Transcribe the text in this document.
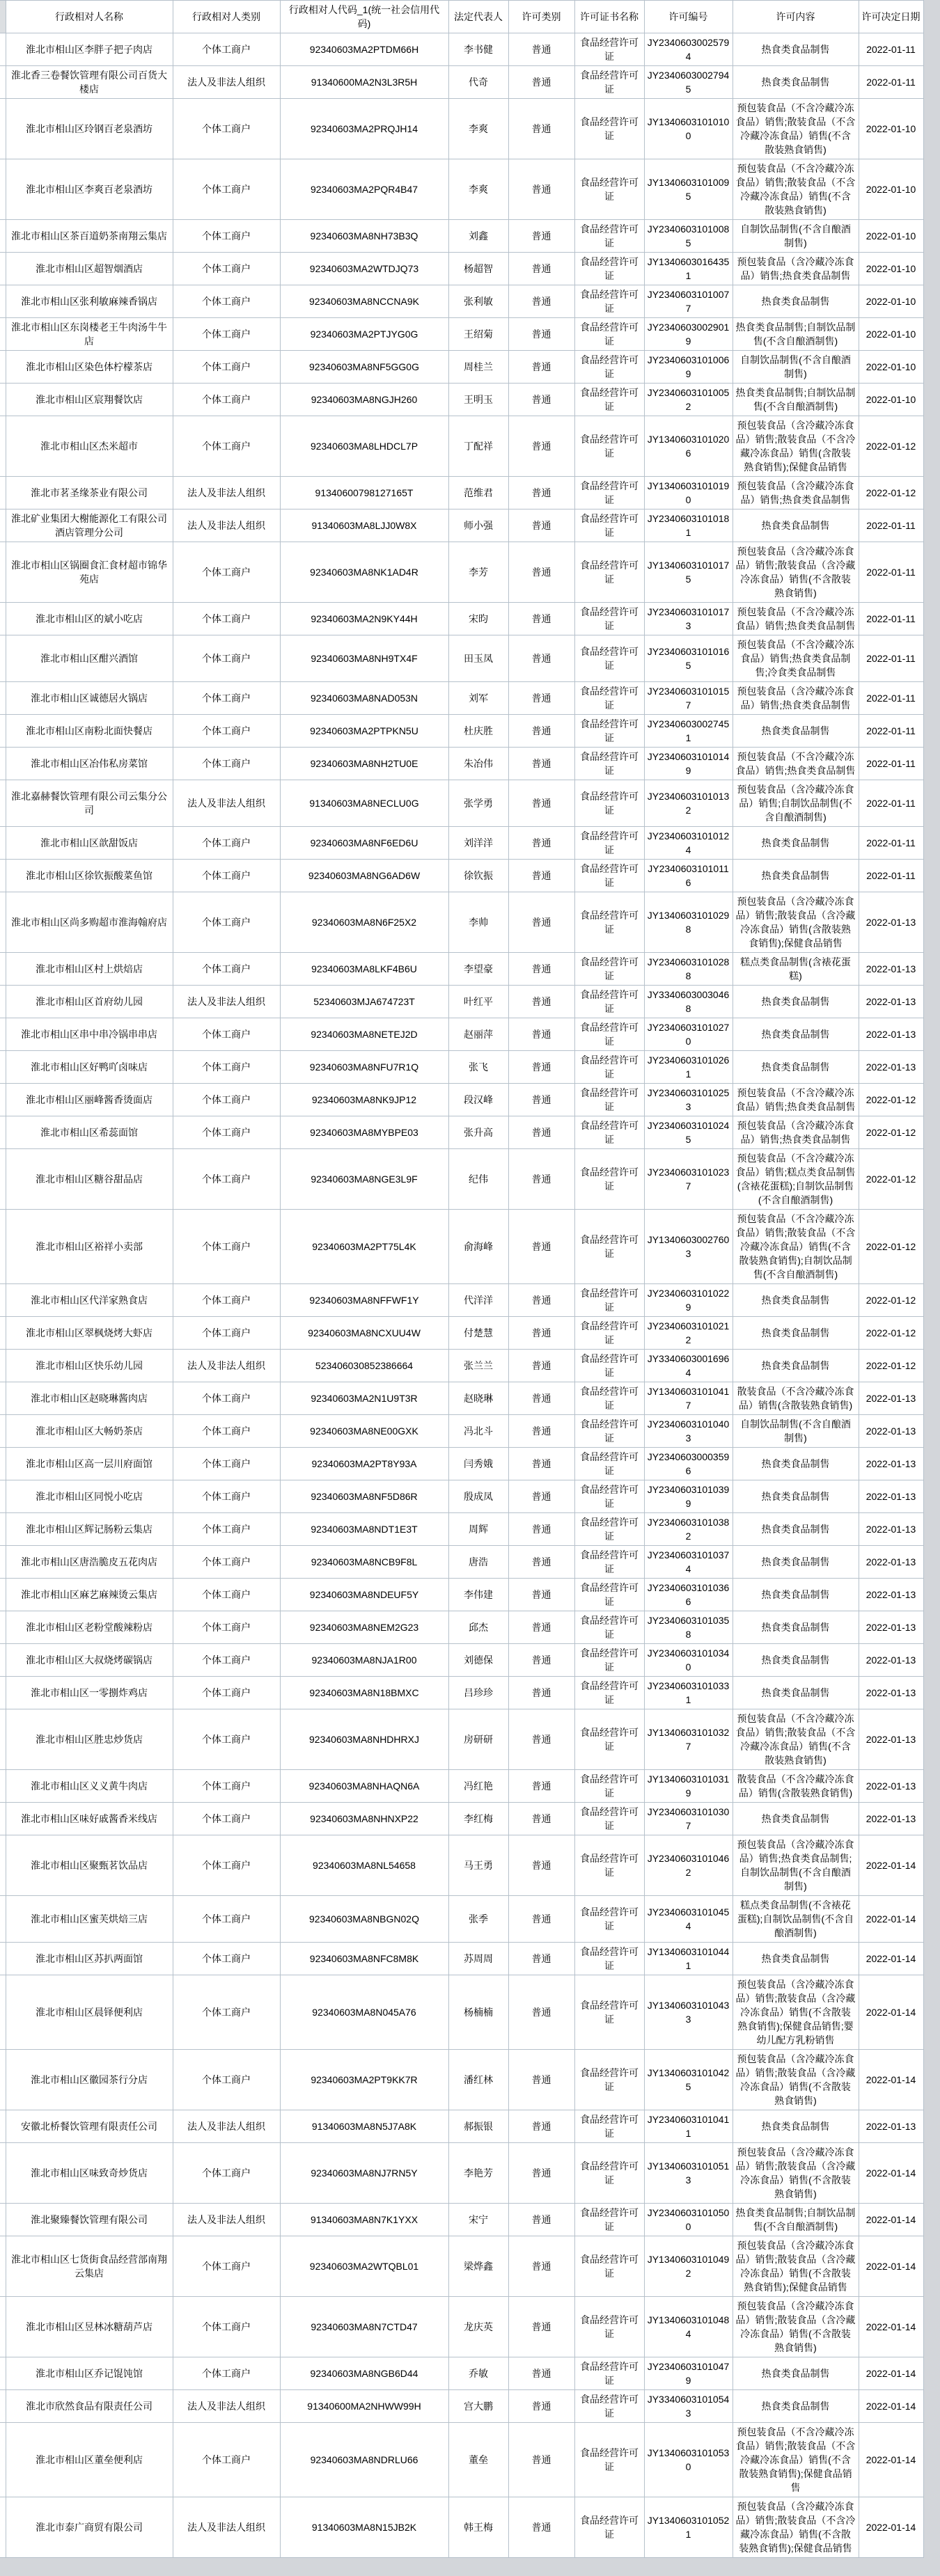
	行政相对人名称	行政相对人类别	行政相对人代码_1(统一社会信用代码)	法定代表人	许可类别	许可证书名称	许可编号	许可内容	许可决定日期
	淮北市相山区李胖子把子肉店	个体工商户	92340603MA2PTDM66H	李书健	普通	食品经营许可证	JY23406030025794	热食类食品制售	2022-01-11
	淮北香三卷餐饮管理有限公司百货大楼店	法人及非法人组织	91340600MA2N3L3R5H	代奇	普通	食品经营许可证	JY23406030027945	热食类食品制售	2022-01-11
	淮北市相山区玲钢百老泉酒坊	个体工商户	92340603MA2PRQJH14	李爽	普通	食品经营许可证	JY13406031010100	预包装食品（不含冷藏冷冻食品）销售;散装食品（不含冷藏冷冻食品）销售(不含散装熟食销售)	2022-01-10
	淮北市相山区李爽百老泉酒坊	个体工商户	92340603MA2PQR4B47	李爽	普通	食品经营许可证	JY13406031010095	预包装食品（不含冷藏冷冻食品）销售;散装食品（不含冷藏冷冻食品）销售(不含散装熟食销售)	2022-01-10
	淮北市相山区茶百道奶茶南翔云集店	个体工商户	92340603MA8NH73B3Q	刘鑫	普通	食品经营许可证	JY23406031010085	自制饮品制售(不含自酿酒制售)	2022-01-10
	淮北市相山区超智烟酒店	个体工商户	92340603MA2WTDJQ73	杨超智	普通	食品经营许可证	JY13406030164351	预包装食品（含冷藏冷冻食品）销售;热食类食品制售	2022-01-10
	淮北市相山区张利敏麻辣香锅店	个体工商户	92340603MA8NCCNA9K	张利敏	普通	食品经营许可证	JY23406031010077	热食类食品制售	2022-01-10
	淮北市相山区东岗楼老王牛肉汤牛牛店	个体工商户	92340603MA2PTJYG0G	王绍菊	普通	食品经营许可证	JY23406030029019	热食类食品制售;自制饮品制售(不含自酿酒制售)	2022-01-10
	淮北市相山区染色体柠檬茶店	个体工商户	92340603MA8NF5GG0G	周桂兰	普通	食品经营许可证	JY23406031010069	自制饮品制售(不含自酿酒制售)	2022-01-10
	淮北市相山区宸翔餐饮店	个体工商户	92340603MA8NGJH260	王明玉	普通	食品经营许可证	JY23406031010052	热食类食品制售;自制饮品制售(不含自酿酒制售)	2022-01-10
	淮北市相山区杰米超市	个体工商户	92340603MA8LHDCL7P	丁配祥	普通	食品经营许可证	JY13406031010206	预包装食品（含冷藏冷冻食品）销售;散装食品（不含冷藏冷冻食品）销售(含散装熟食销售);保健食品销售	2022-01-12
	淮北市茗圣缘茶业有限公司	法人及非法人组织	91340600798127165T	范维君	普通	食品经营许可证	JY13406031010190	预包装食品（含冷藏冷冻食品）销售;热食类食品制售	2022-01-12
	淮北矿业集团大榭能源化工有限公司酒店管理分公司	法人及非法人组织	91340603MA8LJJ0W8X	师小强	普通	食品经营许可证	JY23406031010181	热食类食品制售	2022-01-11
	淮北市相山区锅圈食汇食材超市锦华苑店	个体工商户	92340603MA8NK1AD4R	李芳	普通	食品经营许可证	JY13406031010175	预包装食品（含冷藏冷冻食品）销售;散装食品（含冷藏冷冻食品）销售(不含散装熟食销售)	2022-01-11
	淮北市相山区的斌小吃店	个体工商户	92340603MA2N9KY44H	宋昀	普通	食品经营许可证	JY23406031010173	预包装食品（不含冷藏冷冻食品）销售;热食类食品制售	2022-01-11
	淮北市相山区酣兴酒馆	个体工商户	92340603MA8NH9TX4F	田玉凤	普通	食品经营许可证	JY23406031010165	预包装食品（不含冷藏冷冻食品）销售;热食类食品制售;冷食类食品制售	2022-01-11
	淮北市相山区诚德居火锅店	个体工商户	92340603MA8NAD053N	刘军	普通	食品经营许可证	JY23406031010157	预包装食品（含冷藏冷冻食品）销售;热食类食品制售	2022-01-11
	淮北市相山区南粉北面快餐店	个体工商户	92340603MA2PTPKN5U	杜庆胜	普通	食品经营许可证	JY23406030027451	热食类食品制售	2022-01-11
	淮北市相山区冶伟私房菜馆	个体工商户	92340603MA8NH2TU0E	朱冶伟	普通	食品经营许可证	JY23406031010149	预包装食品（不含冷藏冷冻食品）销售;热食类食品制售	2022-01-11
	淮北嘉赫餐饮管理有限公司云集分公司	法人及非法人组织	91340603MA8NECLU0G	张学勇	普通	食品经营许可证	JY23406031010132	预包装食品（含冷藏冷冻食品）销售;自制饮品制售(不含自酿酒制售)	2022-01-11
	淮北市相山区歆甜饭店	个体工商户	92340603MA8NF6ED6U	刘洋洋	普通	食品经营许可证	JY23406031010124	热食类食品制售	2022-01-11
	淮北市相山区徐钦振酸菜鱼馆	个体工商户	92340603MA8NG6AD6W	徐钦振	普通	食品经营许可证	JY23406031010116	热食类食品制售	2022-01-11
	淮北市相山区尚多购超市淮海翰府店	个体工商户	92340603MA8N6F25X2	李帅	普通	食品经营许可证	JY13406031010298	预包装食品（含冷藏冷冻食品）销售;散装食品（含冷藏冷冻食品）销售(含散装熟食销售);保健食品销售	2022-01-13
	淮北市相山区村上烘焙店	个体工商户	92340603MA8LKF4B6U	李望豪	普通	食品经营许可证	JY23406031010288	糕点类食品制售(含裱花蛋糕)	2022-01-13
	淮北市相山区首府幼儿园	法人及非法人组织	52340603MJA674723T	叶红平	普通	食品经营许可证	JY33406030030468	热食类食品制售	2022-01-13
	淮北市相山区串中串冷锅串串店	个体工商户	92340603MA8NETEJ2D	赵丽萍	普通	食品经营许可证	JY23406031010270	热食类食品制售	2022-01-13
	淮北市相山区好鸭吖卤味店	个体工商户	92340603MA8NFU7R1Q	张飞	普通	食品经营许可证	JY23406031010261	热食类食品制售	2022-01-13
	淮北市相山区丽峰酱香烫面店	个体工商户	92340603MA8NK9JP12	段汉峰	普通	食品经营许可证	JY23406031010253	预包装食品（不含冷藏冷冻食品）销售;热食类食品制售	2022-01-12
	淮北市相山区希蕊面馆	个体工商户	92340603MA8MYBPE03	张升高	普通	食品经营许可证	JY23406031010245	预包装食品（含冷藏冷冻食品）销售;热食类食品制售	2022-01-12
	淮北市相山区糖谷甜品店	个体工商户	92340603MA8NGE3L9F	纪伟	普通	食品经营许可证	JY23406031010237	预包装食品（不含冷藏冷冻食品）销售;糕点类食品制售(含裱花蛋糕);自制饮品制售(不含自酿酒制售)	2022-01-12
	淮北市相山区裕祥小卖部	个体工商户	92340603MA2PT75L4K	俞海峰	普通	食品经营许可证	JY13406030027603	预包装食品（不含冷藏冷冻食品）销售;散装食品（不含冷藏冷冻食品）销售(不含散装熟食销售);自制饮品制售(不含自酿酒制售)	2022-01-12
	淮北市相山区代洋家熟食店	个体工商户	92340603MA8NFFWF1Y	代洋洋	普通	食品经营许可证	JY23406031010229	热食类食品制售	2022-01-12
	淮北市相山区翠枫烧烤大虾店	个体工商户	92340603MA8NCXUU4W	付楚慧	普通	食品经营许可证	JY23406031010212	热食类食品制售	2022-01-12
	淮北市相山区快乐幼儿园	法人及非法人组织	523406030852386664	张兰兰	普通	食品经营许可证	JY33406030016964	热食类食品制售	2022-01-12
	淮北市相山区赵晓琳酱肉店	个体工商户	92340603MA2N1U9T3R	赵晓琳	普通	食品经营许可证	JY13406031010417	散装食品（不含冷藏冷冻食品）销售(含散装熟食销售)	2022-01-13
	淮北市相山区大畅奶茶店	个体工商户	92340603MA8NE00GXK	冯北斗	普通	食品经营许可证	JY23406031010403	自制饮品制售(不含自酿酒制售)	2022-01-13
	淮北市相山区高一层川府面馆	个体工商户	92340603MA2PT8Y93A	闫秀娥	普通	食品经营许可证	JY23406030003596	热食类食品制售	2022-01-13
	淮北市相山区同悦小吃店	个体工商户	92340603MA8NF5D86R	殷成凤	普通	食品经营许可证	JY23406031010399	热食类食品制售	2022-01-13
	淮北市相山区辉记肠粉云集店	个体工商户	92340603MA8NDT1E3T	周辉	普通	食品经营许可证	JY23406031010382	热食类食品制售	2022-01-13
	淮北市相山区唐浩脆皮五花肉店	个体工商户	92340603MA8NCB9F8L	唐浩	普通	食品经营许可证	JY23406031010374	热食类食品制售	2022-01-13
	淮北市相山区麻艺麻辣烫云集店	个体工商户	92340603MA8NDEUF5Y	李伟建	普通	食品经营许可证	JY23406031010366	热食类食品制售	2022-01-13
	淮北市相山区老粉堂酸辣粉店	个体工商户	92340603MA8NEM2G23	邱杰	普通	食品经营许可证	JY23406031010358	热食类食品制售	2022-01-13
	淮北市相山区大叔烧烤碳锅店	个体工商户	92340603MA8NJA1R00	刘德保	普通	食品经营许可证	JY23406031010340	热食类食品制售	2022-01-13
	淮北市相山区一零捌炸鸡店	个体工商户	92340603MA8N18BMXC	吕珍珍	普通	食品经营许可证	JY23406031010331	热食类食品制售	2022-01-13
	淮北市相山区胜忠炒货店	个体工商户	92340603MA8NHDHRXJ	房研研	普通	食品经营许可证	JY13406031010327	预包装食品（不含冷藏冷冻食品）销售;散装食品（不含冷藏冷冻食品）销售(不含散装熟食销售)	2022-01-13
	淮北市相山区义义黄牛肉店	个体工商户	92340603MA8NHAQN6A	冯红艳	普通	食品经营许可证	JY13406031010319	散装食品（不含冷藏冷冻食品）销售(含散装熟食销售)	2022-01-13
	淮北市相山区味好戚酱香米线店	个体工商户	92340603MA8NHNXP22	李红梅	普通	食品经营许可证	JY23406031010307	热食类食品制售	2022-01-13
	淮北市相山区聚甄茗饮品店	个体工商户	92340603MA8NL54658	马王勇	普通	食品经营许可证	JY23406031010462	预包装食品（含冷藏冷冻食品）销售;热食类食品制售;自制饮品制售(不含自酿酒制售)	2022-01-14
	淮北市相山区蜜芙烘焙三店	个体工商户	92340603MA8NBGN02Q	张季	普通	食品经营许可证	JY23406031010454	糕点类食品制售(不含裱花蛋糕);自制饮品制售(不含自酿酒制售)	2022-01-14
	淮北市相山区苏扒两面馆	个体工商户	92340603MA8NFC8M8K	苏周周	普通	食品经营许可证	JY13406031010441	热食类食品制售	2022-01-14
	淮北市相山区晨铎便利店	个体工商户	92340603MA8N045A76	杨楠楠	普通	食品经营许可证	JY13406031010433	预包装食品（含冷藏冷冻食品）销售;散装食品（含冷藏冷冻食品）销售(不含散装熟食销售);保健食品销售;婴幼儿配方乳粉销售	2022-01-14
	淮北市相山区徽园茶行分店	个体工商户	92340603MA2PT9KK7R	潘红林	普通	食品经营许可证	JY13406031010425	预包装食品（含冷藏冷冻食品）销售;散装食品（含冷藏冷冻食品）销售(不含散装熟食销售)	2022-01-14
	安徽北桥餐饮管理有限责任公司	法人及非法人组织	91340603MA8N5J7A8K	郝振银	普通	食品经营许可证	JY23406031010411	热食类食品制售	2022-01-13
	淮北市相山区味致奇炒货店	个体工商户	92340603MA8NJ7RN5Y	李艳芳	普通	食品经营许可证	JY13406031010513	预包装食品（含冷藏冷冻食品）销售;散装食品（含冷藏冷冻食品）销售(不含散装熟食销售)	2022-01-14
	淮北聚臻餐饮管理有限公司	法人及非法人组织	91340603MA8N7K1YXX	宋宁	普通	食品经营许可证	JY23406031010500	热食类食品制售;自制饮品制售(不含自酿酒制售)	2022-01-14
	淮北市相山区七货街食品经营部南翔云集店	个体工商户	92340603MA2WTQBL01	梁烨鑫	普通	食品经营许可证	JY13406031010492	预包装食品（含冷藏冷冻食品）销售;散装食品（含冷藏冷冻食品）销售(不含散装熟食销售);保健食品销售	2022-01-14
	淮北市相山区昱林冰糖葫芦店	个体工商户	92340603MA8N7CTD47	龙庆英	普通	食品经营许可证	JY13406031010484	预包装食品（含冷藏冷冻食品）销售;散装食品（含冷藏冷冻食品）销售(不含散装熟食销售)	2022-01-14
	淮北市相山区乔记馄饨馆	个体工商户	92340603MA8NGB6D44	乔敏	普通	食品经营许可证	JY23406031010479	热食类食品制售	2022-01-14
	淮北市欣然食品有限责任公司	法人及非法人组织	91340600MA2NHWW99H	宫大鹏	普通	食品经营许可证	JY33406031010543	热食类食品制售	2022-01-14
	淮北市相山区董垒便利店	个体工商户	92340603MA8NDRLU66	董垒	普通	食品经营许可证	JY13406031010530	预包装食品（不含冷藏冷冻食品）销售;散装食品（不含冷藏冷冻食品）销售(不含散装熟食销售);保健食品销售	2022-01-14
	淮北市泰广商贸有限公司	法人及非法人组织	91340603MA8N15JB2K	韩王梅	普通	食品经营许可证	JY13406031010521	预包装食品（含冷藏冷冻食品）销售;散装食品（不含冷藏冷冻食品）销售(不含散装熟食销售);保健食品销售	2022-01-14
